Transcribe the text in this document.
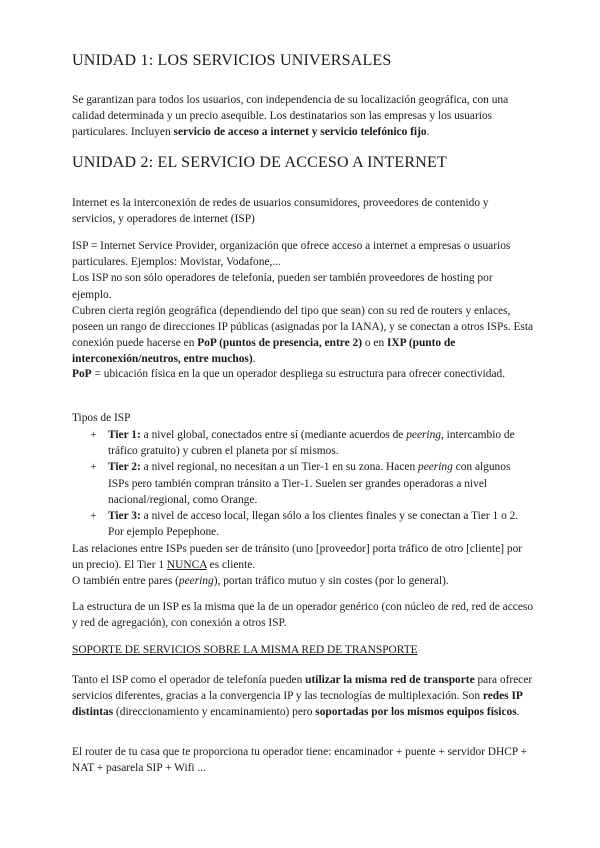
UNIDAD 1: LOS SERVICIOS UNIVERSALES

Se garantizan para todos los usuarios, con independencia de su localización geográfica, con una calidad determinada y un precio asequible. Los destinatarios son las empresas y los usuarios particulares. Incluyen servicio de acceso a internet y servicio telefónico fijo.

UNIDAD 2: EL SERVICIO DE ACCESO A INTERNET

Internet es la interconexión de redes de usuarios consumidores, proveedores de contenido y servicios, y operadores de internet (ISP)

ISP = Internet Service Provider, organización que ofrece acceso a internet a empresas o usuarios particulares. Ejemplos: Movistar, Vodafone,...
Los ISP no son sólo operadores de telefonía, pueden ser también proveedores de hosting por ejemplo.
Cubren cierta región geográfica (dependiendo del tipo que sean) con su red de routers y enlaces, poseen un rango de direcciones IP públicas (asignadas por la IANA), y se conectan a otros ISPs. Esta conexión puede hacerse en PoP (puntos de presencia, entre 2) o en IXP (punto de interconexión/neutros, entre muchos).

PoP = ubicación física en la que un operador despliega su estructura para ofrecer conectividad.

Tipos de ISP

+ Tier 1: a nivel global, conectados entre sí (mediante acuerdos de peering, intercambio de tráfico gratuito) y cubren el planeta por sí mismos.
+ Tier 2: a nivel regional, no necesitan a un Tier-1 en su zona. Hacen peering con algunos ISPs pero también compran tránsito a Tier-1. Suelen ser grandes operadoras a nivel nacional/regional, como Orange.
+ Tier 3: a nivel de acceso local, llegan sólo a los clientes finales y se conectan a Tier 1 o 2. Por ejemplo Pepephone.

Las relaciones entre ISPs pueden ser de tránsito (uno [proveedor] porta tráfico de otro [cliente] por un precio). El Tier 1 NUNCA es cliente.
O también entre pares (peering), portan tráfico mutuo y sin costes (por lo general).

La estructura de un ISP es la misma que la de un operador genérico (con núcleo de red, red de acceso y red de agregación), con conexión a otros ISP.

SOPORTE DE SERVICIOS SOBRE LA MISMA RED DE TRANSPORTE

Tanto el ISP como el operador de telefonía pueden utilizar la misma red de transporte para ofrecer servicios diferentes, gracias a la convergencia IP y las tecnologías de multiplexación. Son redes IP distintas (direccionamiento y encaminamiento) pero soportadas por los mismos equipos físicos.

El router de tu casa que te proporciona tu operador tiene: encaminador + puente + servidor DHCP + NAT + pasarela SIP + Wifi ...
